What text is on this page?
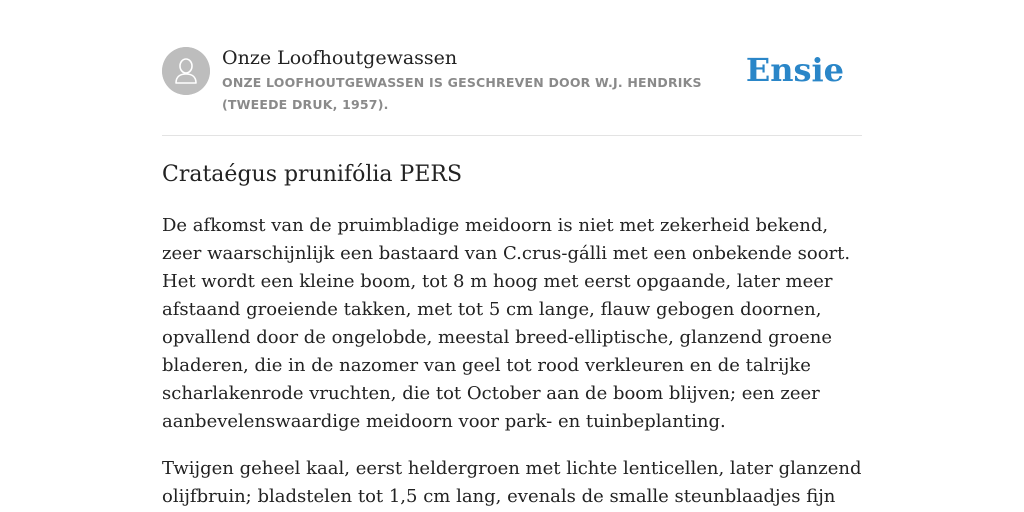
Onze Loofhoutgewassen
ONZE LOOFHOUTGEWASSEN IS GESCHREVEN DOOR W.J. HENDRIKS (TWEEDE DRUK, 1957).
Ensie
Crataégus prunifólia PERS

De afkomst van de pruimbladige meidoorn is niet met zekerheid bekend, zeer waarschijnlijk een bastaard van C.crus-gálli met een onbekende soort. Het wordt een kleine boom, tot 8 m hoog met eerst opgaande, later meer afstaand groeiende takken, met tot 5 cm lange, flauw gebogen doornen, opvallend door de ongelobde, meestal breed-elliptische, glanzend groene bladeren, die in de nazomer van geel tot rood verkleuren en de talrijke scharlakenrode vruchten, die tot October aan de boom blijven; een zeer aanbevelenswaardige meidoorn voor park- en tuinbeplanting.

Twijgen geheel kaal, eerst heldergroen met lichte lenticellen, later glanzend olijfbruin; bladstelen tot 1,5 cm lang, evenals de smalle steunblaadjes fijn
